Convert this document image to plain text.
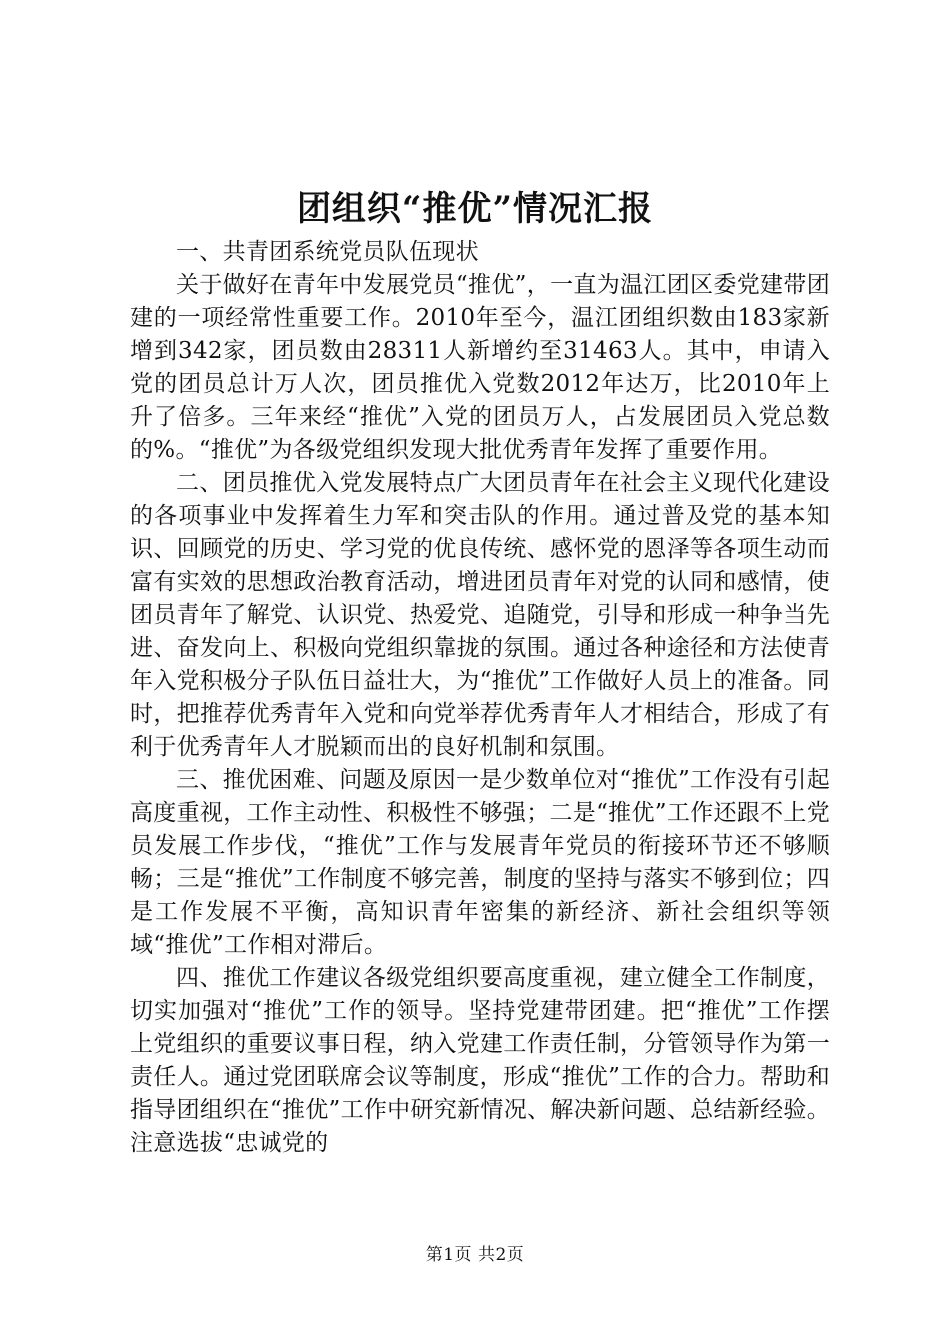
团组织“推优”情况汇报

一、共青团系统党员队伍现状

关于做好在青年中发展党员“推优”，一直为温江团区委党建带团建的一项经常性重要工作。2010年至今，温江团组织数由183家新增到342家，团员数由28311人新增约至31463人。其中，申请入党的团员总计万人次，团员推优入党数2012年达万，比2010年上升了倍多。三年来经“推优”入党的团员万人，占发展团员入党总数的%。“推优”为各级党组织发现大批优秀青年发挥了重要作用。

二、团员推优入党发展特点广大团员青年在社会主义现代化建设的各项事业中发挥着生力军和突击队的作用。通过普及党的基本知识、回顾党的历史、学习党的优良传统、感怀党的恩泽等各项生动而富有实效的思想政治教育活动，增进团员青年对党的认同和感情，使团员青年了解党、认识党、热爱党、追随党，引导和形成一种争当先进、奋发向上、积极向党组织靠拢的氛围。通过各种途径和方法使青年入党积极分子队伍日益壮大，为“推优”工作做好人员上的准备。同时，把推荐优秀青年入党和向党举荐优秀青年人才相结合，形成了有利于优秀青年人才脱颖而出的良好机制和氛围。

三、推优困难、问题及原因一是少数单位对“推优”工作没有引起高度重视，工作主动性、积极性不够强；二是“推优”工作还跟不上党员发展工作步伐，“推优”工作与发展青年党员的衔接环节还不够顺畅；三是“推优”工作制度不够完善，制度的坚持与落实不够到位；四是工作发展不平衡，高知识青年密集的新经济、新社会组织等领域“推优”工作相对滞后。

四、推优工作建议各级党组织要高度重视，建立健全工作制度，切实加强对“推优”工作的领导。坚持党建带团建。把“推优”工作摆上党组织的重要议事日程，纳入党建工作责任制，分管领导作为第一责任人。通过党团联席会议等制度，形成“推优”工作的合力。帮助和指导团组织在“推优”工作中研究新情况、解决新问题、总结新经验。注意选拔“忠诚党的

第1页 共2页
